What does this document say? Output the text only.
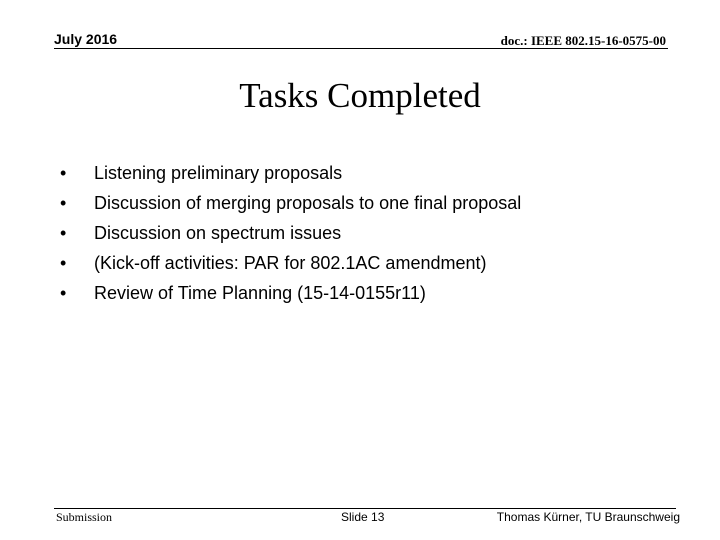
July 2016	doc.: IEEE 802.15-16-0575-00
Tasks Completed
•	Listening preliminary proposals
•	Discussion of merging proposals to one final proposal
•	Discussion on spectrum issues
•	(Kick-off activities: PAR for 802.1AC amendment)
•	Review of Time Planning (15-14-0155r11)
Submission	Slide 13	Thomas Kürner, TU Braunschweig
